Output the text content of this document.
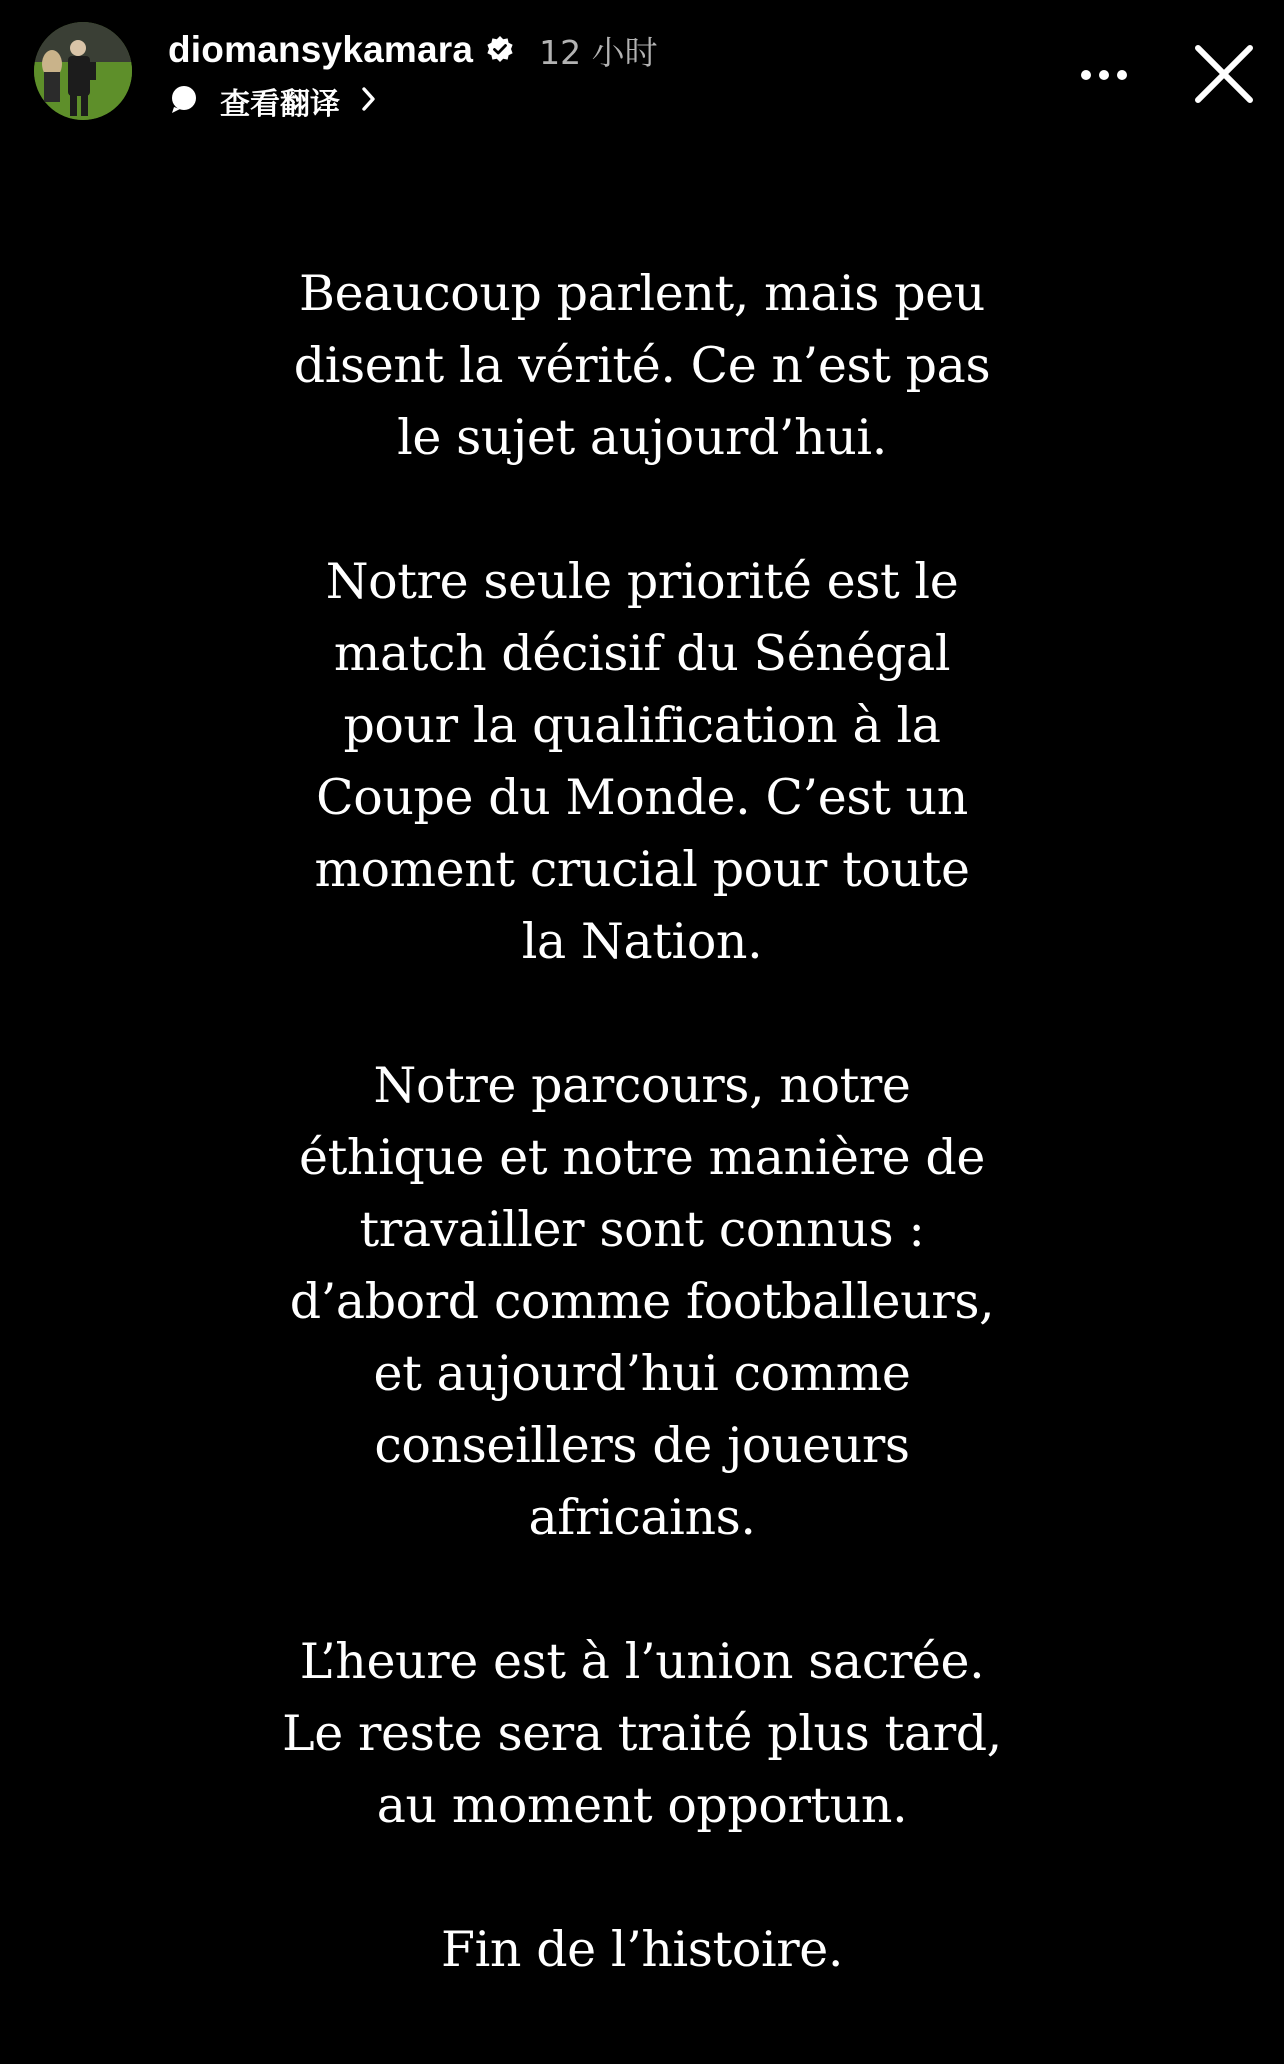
diomansykamara 12 小时
查看翻译
Beaucoup parlent, mais peu
disent la vérité. Ce n’est pas
le sujet aujourd’hui.
Notre seule priorité est le
match décisif du Sénégal
pour la qualification à la
Coupe du Monde. C’est un
moment crucial pour toute
la Nation.
Notre parcours, notre
éthique et notre manière de
travailler sont connus :
d’abord comme footballeurs,
et aujourd’hui comme
conseillers de joueurs
africains.
L’heure est à l’union sacrée.
Le reste sera traité plus tard,
au moment opportun.
Fin de l’histoire.
